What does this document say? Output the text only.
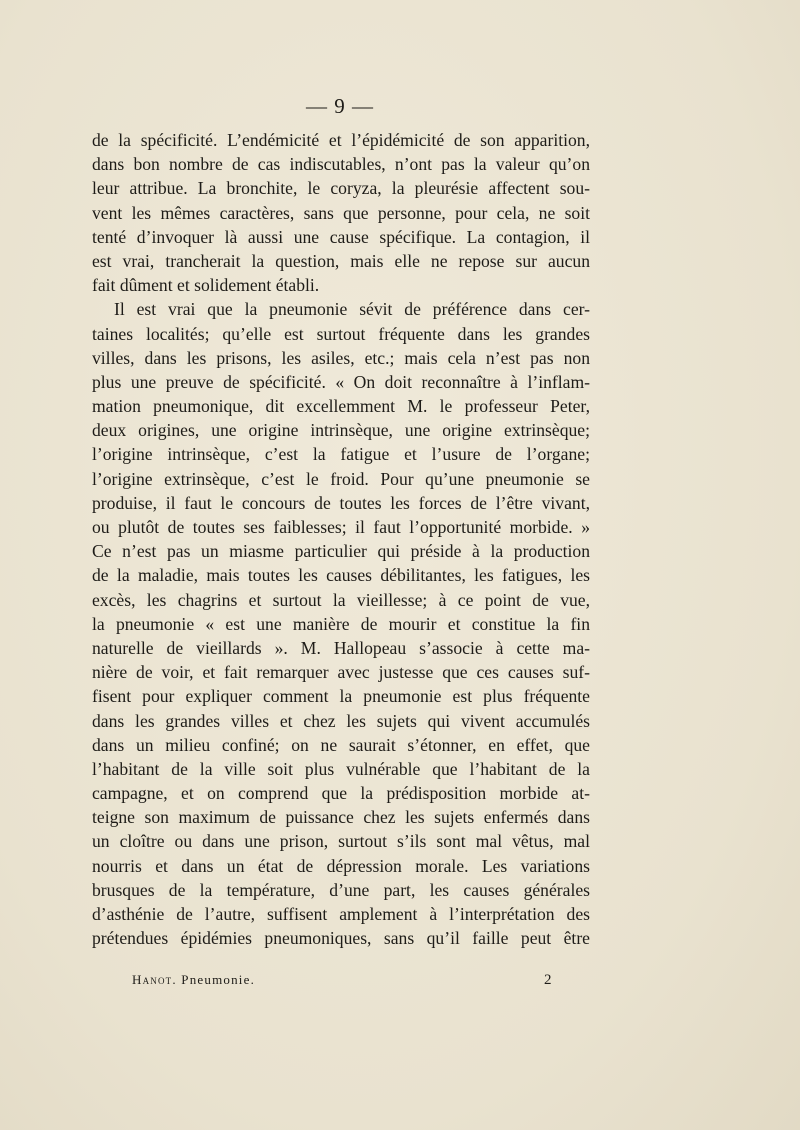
— 9 —
de la spécificité. L’endémicité et l’épidémicité de son apparition,
dans bon nombre de cas indiscutables, n’ont pas la valeur qu’on
leur attribue. La bronchite, le coryza, la pleurésie affectent sou-
vent les mêmes caractères, sans que personne, pour cela, ne soit
tenté d’invoquer là aussi une cause spécifique. La contagion, il
est vrai, trancherait la question, mais elle ne repose sur aucun
fait dûment et solidement établi.
Il est vrai que la pneumonie sévit de préférence dans cer-
taines localités; qu’elle est surtout fréquente dans les grandes
villes, dans les prisons, les asiles, etc.; mais cela n’est pas non
plus une preuve de spécificité. « On doit reconnaître à l’inflam-
mation pneumonique, dit excellemment M. le professeur Peter,
deux origines, une origine intrinsèque, une origine extrinsèque;
l’origine intrinsèque, c’est la fatigue et l’usure de l’organe;
l’origine extrinsèque, c’est le froid. Pour qu’une pneumonie se
produise, il faut le concours de toutes les forces de l’être vivant,
ou plutôt de toutes ses faiblesses; il faut l’opportunité morbide. »
Ce n’est pas un miasme particulier qui préside à la production
de la maladie, mais toutes les causes débilitantes, les fatigues, les
excès, les chagrins et surtout la vieillesse; à ce point de vue,
la pneumonie « est une manière de mourir et constitue la fin
naturelle de vieillards ». M. Hallopeau s’associe à cette ma-
nière de voir, et fait remarquer avec justesse que ces causes suf-
fisent pour expliquer comment la pneumonie est plus fréquente
dans les grandes villes et chez les sujets qui vivent accumulés
dans un milieu confiné; on ne saurait s’étonner, en effet, que
l’habitant de la ville soit plus vulnérable que l’habitant de la
campagne, et on comprend que la prédisposition morbide at-
teigne son maximum de puissance chez les sujets enfermés dans
un cloître ou dans une prison, surtout s’ils sont mal vêtus, mal
nourris et dans un état de dépression morale. Les variations
brusques de la température, d’une part, les causes générales
d’asthénie de l’autre, suffisent amplement à l’interprétation des
prétendues épidémies pneumoniques, sans qu’il faille peut être
Hanot. Pneumonie.	2
